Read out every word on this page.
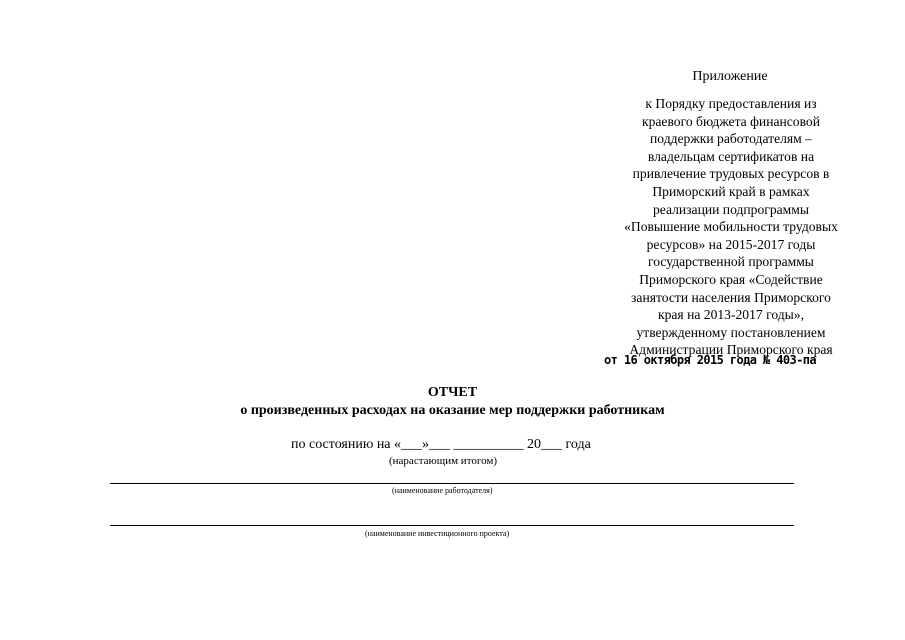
Приложение
к Порядку предоставления из
краевого бюджета финансовой
поддержки работодателям –
владельцам сертификатов на
привлечение трудовых ресурсов в
Приморский край в рамках
реализации подпрограммы
«Повышение мобильности трудовых
ресурсов» на 2015-2017 годы
государственной программы
Приморского края «Содействие
занятости населения Приморского
края на 2013-2017 годы»,
утвержденному постановлением
Администрации Приморского края
от 16 октября 2015 года № 403-па
ОТЧЕТ
о произведенных расходах на оказание мер поддержки работникам
по состоянию на «___»___ __________ 20___ года
(нарастающим итогом)
(наименование работодателя)
(наименование инвестиционного проекта)
